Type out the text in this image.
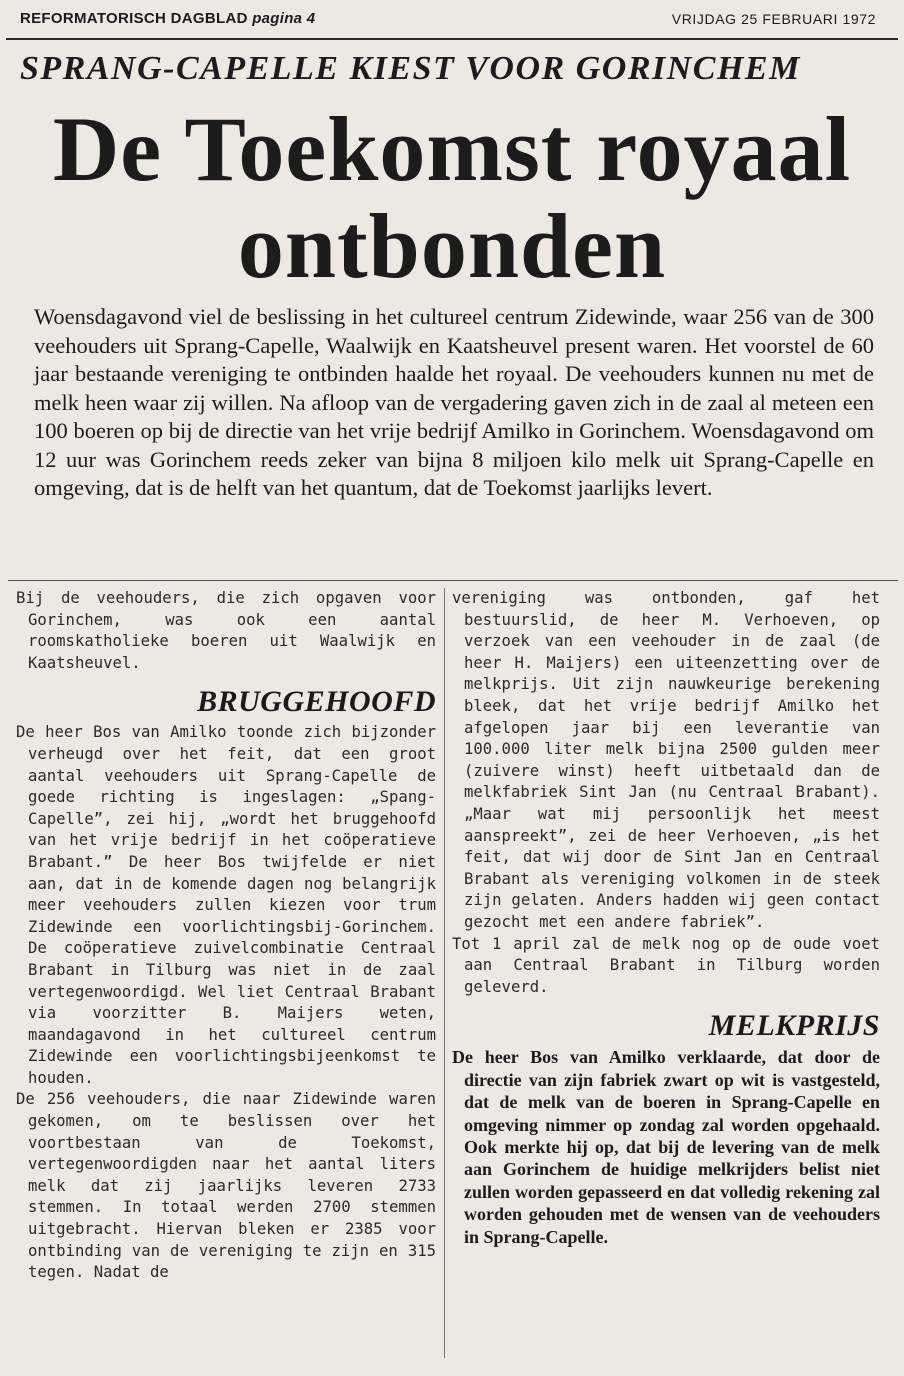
REFORMATORISCH DAGBLAD pagina 4	VRIJDAG 25 FEBRUARI 1972
SPRANG-CAPELLE KIEST VOOR GORINCHEM
De Toekomst royaal
ontbonden
Woensdagavond viel de beslissing in het cultureel centrum Zidewinde, waar 256 van de 300 veehouders uit Sprang-Capelle, Waalwijk en Kaatsheuvel present waren. Het voorstel de 60 jaar bestaande vereniging te ontbinden haalde het royaal. De veehouders kunnen nu met de melk heen waar zij willen. Na afloop van de vergadering gaven zich in de zaal al meteen een 100 boeren op bij de directie van het vrije bedrijf Amilko in Gorinchem. Woensdagavond om 12 uur was Gorinchem reeds zeker van bijna 8 miljoen kilo melk uit Sprang-Capelle en omgeving, dat is de helft van het quantum, dat de Toekomst jaarlijks levert.

Bij de veehouders, die zich opgaven voor Gorinchem, was ook een aantal roomskatholieke boeren uit Waalwijk en Kaatsheuvel.

BRUGGEHOOFD

De heer Bos van Amilko toonde zich bijzonder verheugd over het feit, dat een groot aantal veehouders uit Sprang-Capelle de goede richting is ingeslagen: „Spang-Capelle”, zei hij, „wordt het bruggehoofd van het vrije bedrijf in het coöperatieve Brabant.” De heer Bos twijfelde er niet aan, dat in de komende dagen nog belangrijk meer veehouders zullen kiezen voor trum Zidewinde een voorlichtingsbij-Gorinchem. De coöperatieve zuivelcombinatie Centraal Brabant in Tilburg was niet in de zaal vertegenwoordigd. Wel liet Centraal Brabant via voorzitter B. Maijers weten, maandagavond in het cultureel centrum Zidewinde een voorlichtingsbijeenkomst te houden.

De 256 veehouders, die naar Zidewinde waren gekomen, om te beslissen over het voortbestaan van de Toekomst, vertegenwoordigden naar het aantal liters melk dat zij jaarlijks leveren 2733 stemmen. In totaal werden 2700 stemmen uitgebracht. Hiervan bleken er 2385 voor ontbinding van de vereniging te zijn en 315 tegen. Nadat de

vereniging was ontbonden, gaf het bestuurslid, de heer M. Verhoeven, op verzoek van een veehouder in de zaal (de heer H. Maijers) een uiteenzetting over de melkprijs. Uit zijn nauwkeurige berekening bleek, dat het vrije bedrijf Amilko het afgelopen jaar bij een leverantie van 100.000 liter melk bijna 2500 gulden meer (zuivere winst) heeft uitbetaald dan de melkfabriek Sint Jan (nu Centraal Brabant). „Maar wat mij persoonlijk het meest aanspreekt”, zei de heer Verhoeven, „is het feit, dat wij door de Sint Jan en Centraal Brabant als vereniging volkomen in de steek zijn gelaten. Anders hadden wij geen contact gezocht met een andere fabriek”.

Tot 1 april zal de melk nog op de oude voet aan Centraal Brabant in Tilburg worden geleverd.

MELKPRIJS

De heer Bos van Amilko verklaarde, dat door de directie van zijn fabriek zwart op wit is vastgesteld, dat de melk van de boeren in Sprang-Capelle en omgeving nimmer op zondag zal worden opgehaald. Ook merkte hij op, dat bij de levering van de melk aan Gorinchem de huidige melkrijders belist niet zullen worden gepasseerd en dat volledig rekening zal worden gehouden met de wensen van de veehouders in Sprang-Capelle.
